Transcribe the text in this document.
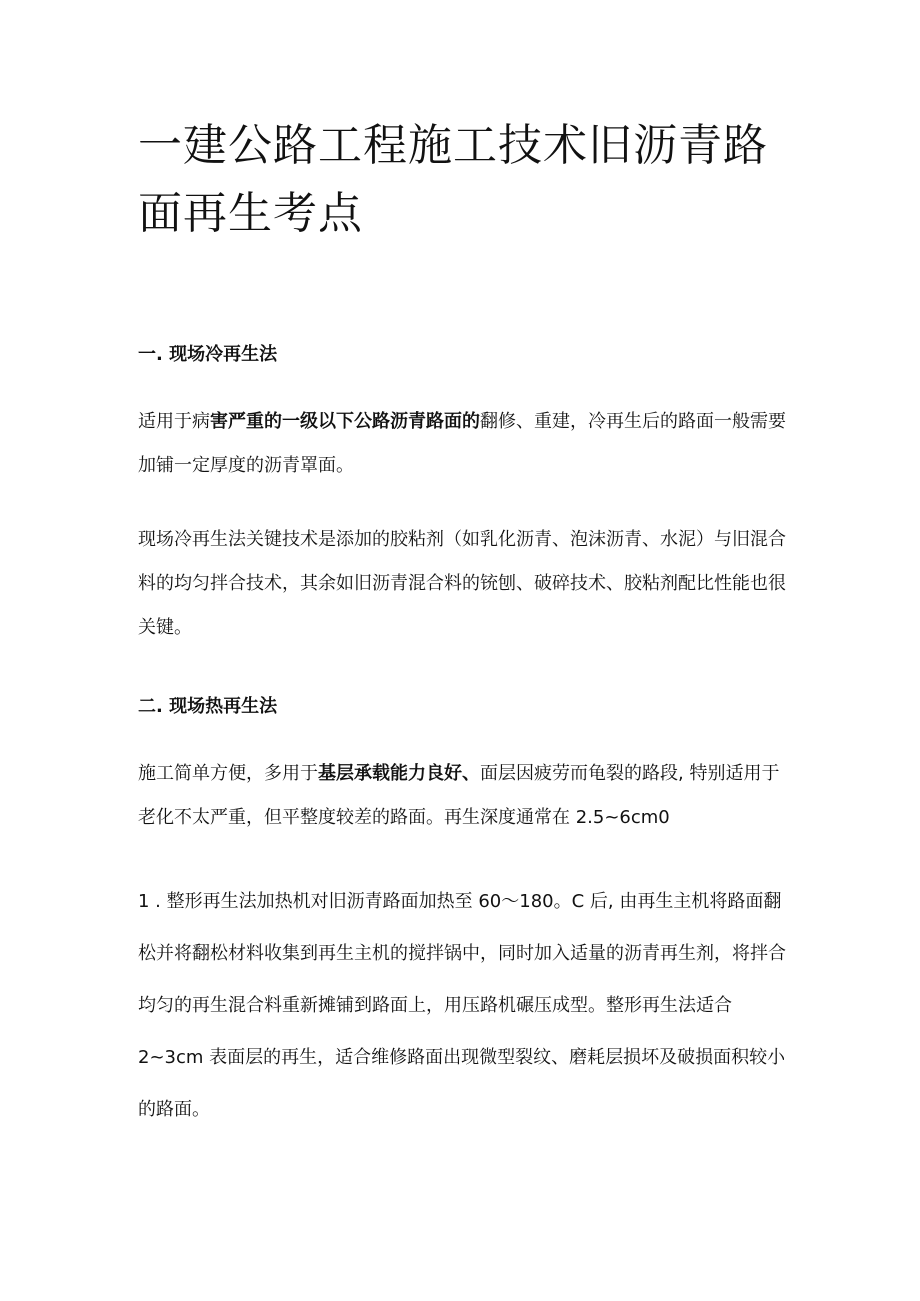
一建公路工程施工技术旧沥青路面再生考点
一. 现场冷再生法

适用于病害严重的一级以下公路沥青路面的翻修、重建，冷再生后的路面一般需要加铺一定厚度的沥青罩面。

现场冷再生法关键技术是添加的胶粘剂（如乳化沥青、泡沫沥青、水泥）与旧混合料的均匀拌合技术，其余如旧沥青混合料的铳刨、破碎技术、胶粘剂配比性能也很关键。

二. 现场热再生法

施工简单方便，多用于基层承载能力良好、面层因疲劳而龟裂的路段, 特别适用于老化不太严重，但平整度较差的路面。再生深度通常在 2.5~6cm0

1 . 整形再生法加热机对旧沥青路面加热至 60～180。C 后, 由再生主机将路面翻松并将翻松材料收集到再生主机的搅拌锅中，同时加入适量的沥青再生剂，将拌合均匀的再生混合料重新摊铺到路面上，用压路机碾压成型。整形再生法适合 2~3cm 表面层的再生，适合维修路面出现微型裂纹、磨耗层损坏及破损面积较小的路面。
